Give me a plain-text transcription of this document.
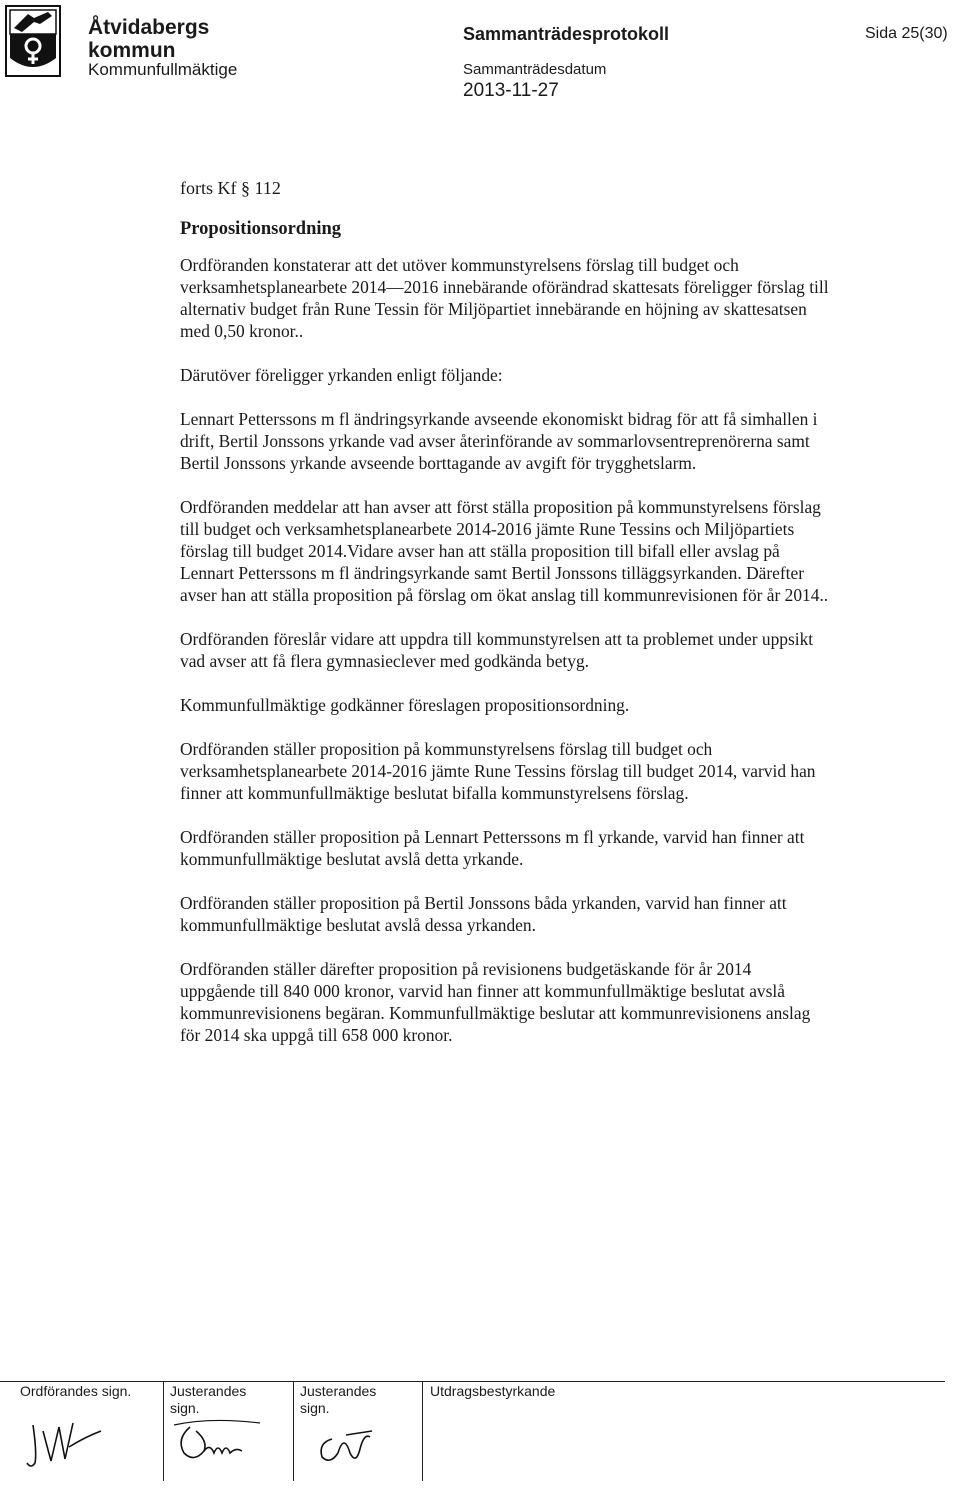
Åtvidabergs
kommun
Kommunfullmäktige
Sammanträdesprotokoll
Sammanträdesdatum
2013-11-27
Sida 25(30)
forts Kf § 112
Propositionsordning

Ordföranden konstaterar att det utöver kommunstyrelsens förslag till budget och verksamhetsplanearbete 2014—2016 innebärande oförändrad skattesats föreligger förslag till alternativ budget från Rune Tessin för Miljöpartiet innebärande en höjning av skattesatsen med 0,50 kronor..

Därutöver föreligger yrkanden enligt följande:

Lennart Petterssons m fl ändringsyrkande avseende ekonomiskt bidrag för att få simhallen i drift, Bertil Jonssons yrkande vad avser återinförande av sommarlovsentreprenörerna samt Bertil Jonssons yrkande avseende borttagande av avgift för trygghetslarm.

Ordföranden meddelar att han avser att först ställa proposition på kommunstyrelsens förslag till budget och verksamhetsplanearbete 2014-2016 jämte Rune Tessins och Miljöpartiets förslag till budget 2014.Vidare avser han att ställa proposition till bifall eller avslag på Lennart Petterssons m fl ändringsyrkande samt Bertil Jonssons tilläggsyrkanden. Därefter avser han att ställa proposition på förslag om ökat anslag till kommunrevisionen för år 2014..

Ordföranden föreslår vidare att uppdra till kommunstyrelsen att ta problemet under uppsikt vad avser att få flera gymnasieclever med godkända betyg.

Kommunfullmäktige godkänner föreslagen propositionsordning.

Ordföranden ställer proposition på kommunstyrelsens förslag till budget och verksamhetsplanearbete 2014-2016 jämte Rune Tessins förslag till budget 2014, varvid han finner att kommunfullmäktige beslutat bifalla kommunstyrelsens förslag.

Ordföranden ställer proposition på Lennart Petterssons m fl yrkande, varvid han finner att kommunfullmäktige beslutat avslå detta yrkande.

Ordföranden ställer proposition på Bertil Jonssons båda yrkanden, varvid han finner att kommunfullmäktige beslutat avslå dessa yrkanden.

Ordföranden ställer därefter proposition på revisionens budgetäskande för år 2014 uppgående till 840 000 kronor, varvid han finner att kommunfullmäktige beslutat avslå kommunrevisionens begäran. Kommunfullmäktige beslutar att kommunrevisionens anslag för 2014 ska uppgå till 658 000 kronor.

Ordförandes sign.	Justerandes
sign.
Justerandes
sign.
Utdragsbestyrkande
